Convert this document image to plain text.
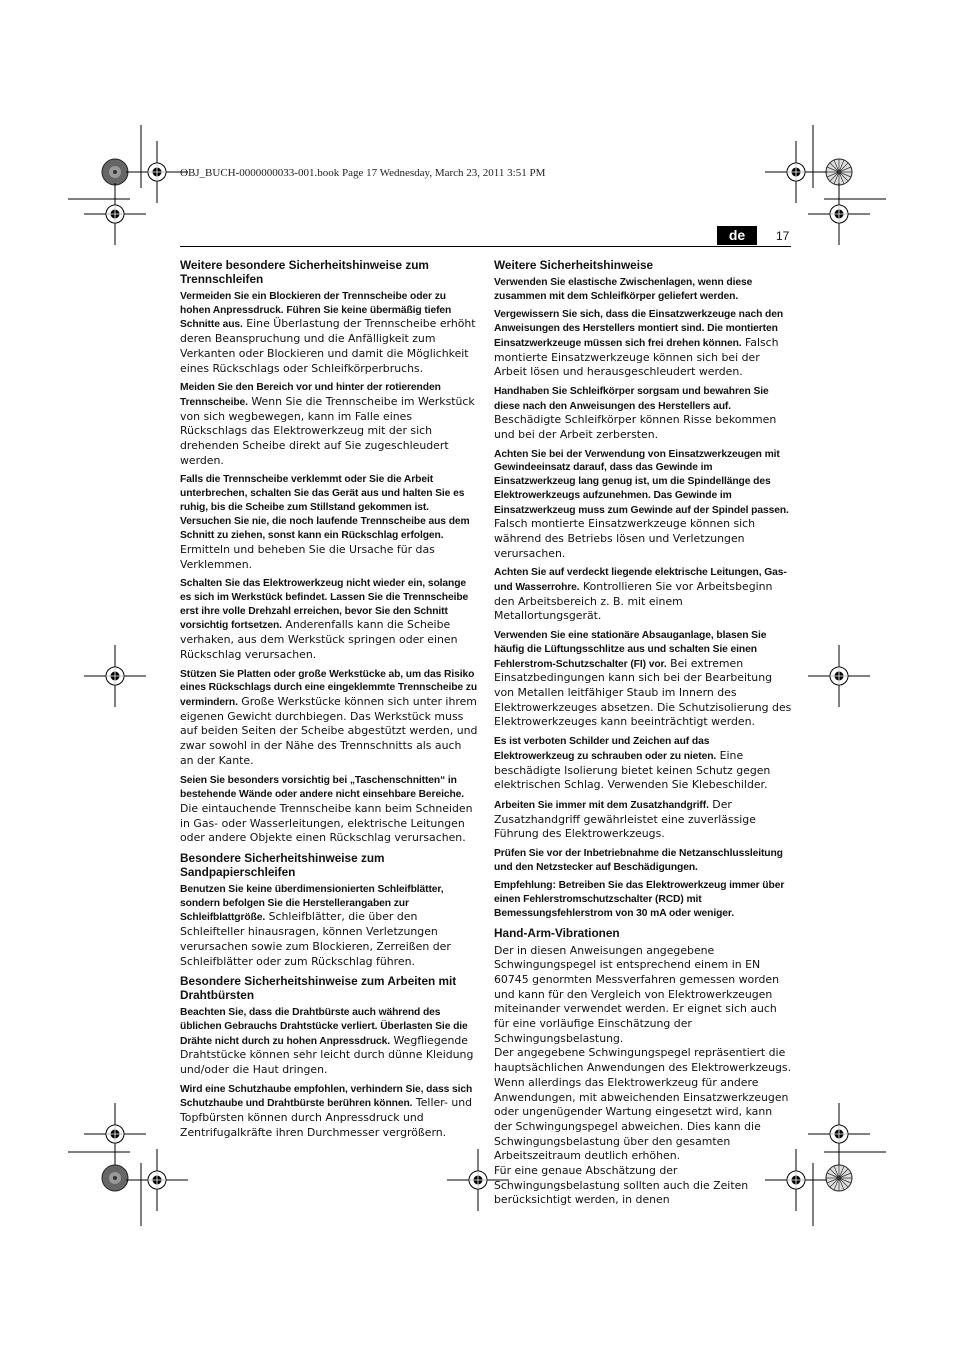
OBJ_BUCH-0000000033-001.book Page 17 Wednesday, March 23, 2011 3:51 PM
de	17
Weitere besondere Sicherheitshinweise zum Trennschleifen

Vermeiden Sie ein Blockieren der Trennscheibe oder zu hohen Anpressdruck. Führen Sie keine übermäßig tiefen Schnitte aus. Eine Überlastung der Trennscheibe erhöht deren Beanspruchung und die Anfälligkeit zum Verkanten oder Blockieren und damit die Möglichkeit eines Rückschlags oder Schleifkörperbruchs.

Meiden Sie den Bereich vor und hinter der rotierenden Trennscheibe. Wenn Sie die Trennscheibe im Werkstück von sich wegbewegen, kann im Falle eines Rückschlags das Elektrowerkzeug mit der sich drehenden Scheibe direkt auf Sie zugeschleudert werden.

Falls die Trennscheibe verklemmt oder Sie die Arbeit unterbrechen, schalten Sie das Gerät aus und halten Sie es ruhig, bis die Scheibe zum Stillstand gekommen ist. Versuchen Sie nie, die noch laufende Trennscheibe aus dem Schnitt zu ziehen, sonst kann ein Rückschlag erfolgen. Ermitteln und beheben Sie die Ursache für das Verklemmen.

Schalten Sie das Elektrowerkzeug nicht wieder ein, solange es sich im Werkstück befindet. Lassen Sie die Trennscheibe erst ihre volle Drehzahl erreichen, bevor Sie den Schnitt vorsichtig fortsetzen. Anderenfalls kann die Scheibe verhaken, aus dem Werkstück springen oder einen Rückschlag verursachen.

Stützen Sie Platten oder große Werkstücke ab, um das Risiko eines Rückschlags durch eine eingeklemmte Trennscheibe zu vermindern. Große Werkstücke können sich unter ihrem eigenen Gewicht durchbiegen. Das Werkstück muss auf beiden Seiten der Scheibe abgestützt werden, und zwar sowohl in der Nähe des Trennschnitts als auch an der Kante.

Seien Sie besonders vorsichtig bei „Taschenschnitten“ in bestehende Wände oder andere nicht einsehbare Bereiche. Die eintauchende Trennscheibe kann beim Schneiden in Gas- oder Wasserleitungen, elektrische Leitungen oder andere Objekte einen Rückschlag verursachen.

Besondere Sicherheitshinweise zum Sandpapierschleifen

Benutzen Sie keine überdimensionierten Schleifblätter, sondern befolgen Sie die Herstellerangaben zur Schleifblattgröße. Schleifblätter, die über den Schleifteller hinausragen, können Verletzungen verursachen sowie zum Blockieren, Zerreißen der Schleifblätter oder zum Rückschlag führen.

Besondere Sicherheitshinweise zum Arbeiten mit Drahtbürsten

Beachten Sie, dass die Drahtbürste auch während des üblichen Gebrauchs Drahtstücke verliert. Überlasten Sie die Drähte nicht durch zu hohen Anpressdruck. Wegfliegende Drahtstücke können sehr leicht durch dünne Kleidung und/oder die Haut dringen.

Wird eine Schutzhaube empfohlen, verhindern Sie, dass sich Schutzhaube und Drahtbürste berühren können. Teller- und Topfbürsten können durch Anpressdruck und Zentrifugalkräfte ihren Durchmesser vergrößern.

Weitere Sicherheitshinweise

Verwenden Sie elastische Zwischenlagen, wenn diese zusammen mit dem Schleifkörper geliefert werden.

Vergewissern Sie sich, dass die Einsatzwerkzeuge nach den Anweisungen des Herstellers montiert sind. Die montierten Einsatzwerkzeuge müssen sich frei drehen können. Falsch montierte Einsatzwerkzeuge können sich bei der Arbeit lösen und herausgeschleudert werden.

Handhaben Sie Schleifkörper sorgsam und bewahren Sie diese nach den Anweisungen des Herstellers auf. Beschädigte Schleifkörper können Risse bekommen und bei der Arbeit zerbersten.

Achten Sie bei der Verwendung von Einsatzwerkzeugen mit Gewindeeinsatz darauf, dass das Gewinde im Einsatzwerkzeug lang genug ist, um die Spindellänge des Elektrowerkzeugs aufzunehmen. Das Gewinde im Einsatzwerkzeug muss zum Gewinde auf der Spindel passen. Falsch montierte Einsatzwerkzeuge können sich während des Betriebs lösen und Verletzungen verursachen.

Achten Sie auf verdeckt liegende elektrische Leitungen, Gas- und Wasserrohre. Kontrollieren Sie vor Arbeitsbeginn den Arbeitsbereich z. B. mit einem Metallortungsgerät.

Verwenden Sie eine stationäre Absauganlage, blasen Sie häufig die Lüftungsschlitze aus und schalten Sie einen Fehlerstrom-Schutzschalter (FI) vor. Bei extremen Einsatzbedingungen kann sich bei der Bearbeitung von Metallen leitfähiger Staub im Innern des Elektrowerkzeuges absetzen. Die Schutzisolierung des Elektrowerkzeuges kann beeinträchtigt werden.

Es ist verboten Schilder und Zeichen auf das Elektrowerkzeug zu schrauben oder zu nieten. Eine beschädigte Isolierung bietet keinen Schutz gegen elektrischen Schlag. Verwenden Sie Klebeschilder.

Arbeiten Sie immer mit dem Zusatzhandgriff. Der Zusatzhandgriff gewährleistet eine zuverlässige Führung des Elektrowerkzeugs.

Prüfen Sie vor der Inbetriebnahme die Netzanschlussleitung und den Netzstecker auf Beschädigungen.

Empfehlung: Betreiben Sie das Elektrowerkzeug immer über einen Fehlerstromschutzschalter (RCD) mit Bemessungsfehlerstrom von 30 mA oder weniger.

Hand-Arm-Vibrationen

Der in diesen Anweisungen angegebene Schwingungspegel ist entsprechend einem in EN 60745 genormten Messverfahren gemessen worden und kann für den Vergleich von Elektrowerkzeugen miteinander verwendet werden. Er eignet sich auch für eine vorläufige Einschätzung der Schwingungsbelastung.

Der angegebene Schwingungspegel repräsentiert die hauptsächlichen Anwendungen des Elektrowerkzeugs. Wenn allerdings das Elektrowerkzeug für andere Anwendungen, mit abweichenden Einsatzwerkzeugen oder ungenügender Wartung eingesetzt wird, kann der Schwingungspegel abweichen. Dies kann die Schwingungsbelastung über den gesamten Arbeitszeitraum deutlich erhöhen.

Für eine genaue Abschätzung der Schwingungsbelastung sollten auch die Zeiten berücksichtigt werden, in denen
